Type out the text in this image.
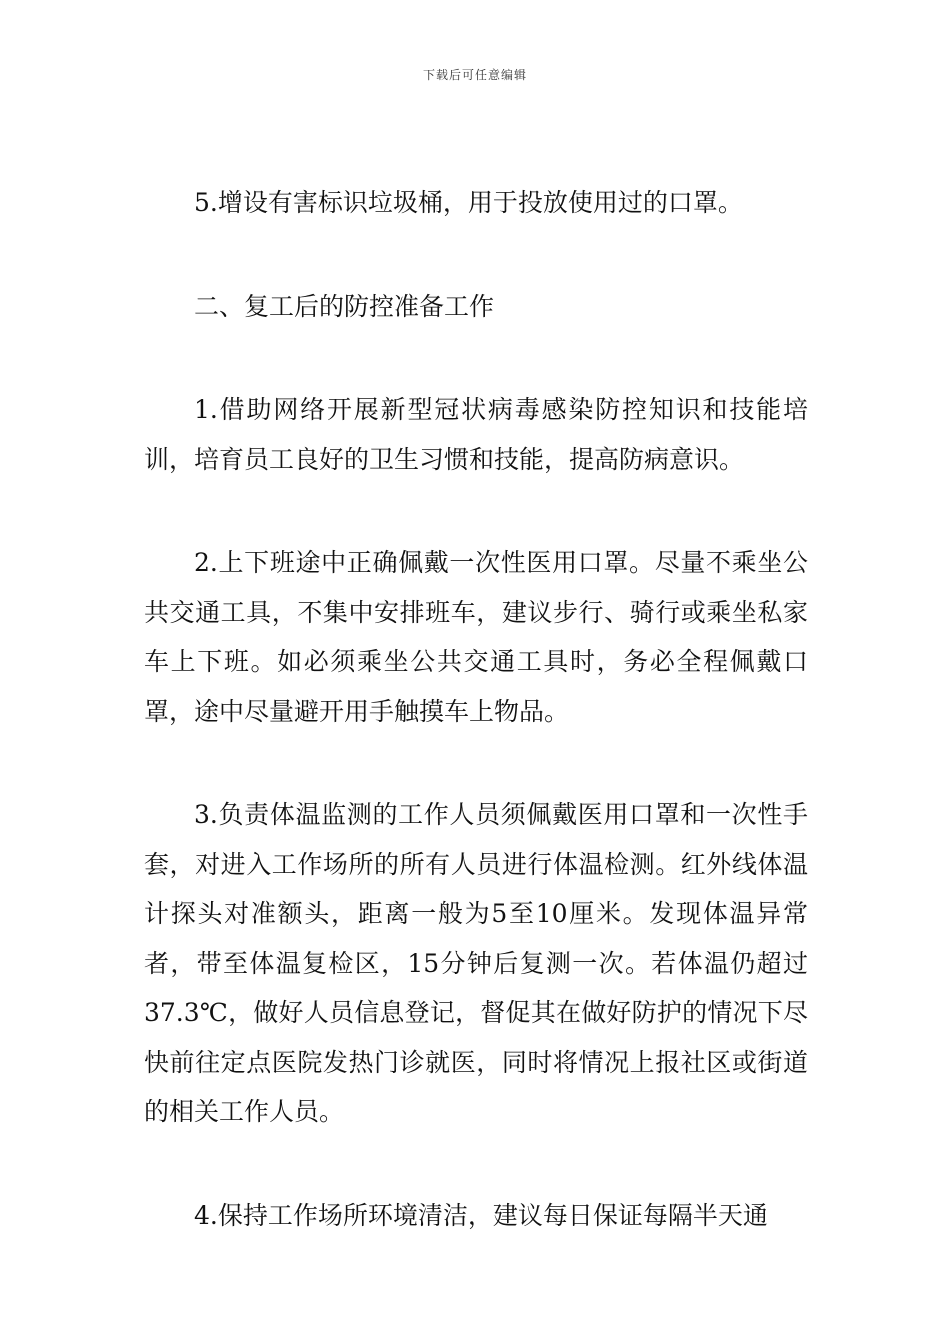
下载后可任意编辑

5.增设有害标识垃圾桶，用于投放使用过的口罩。

二、复工后的防控准备工作

1.借助网络开展新型冠状病毒感染防控知识和技能培训，培育员工良好的卫生习惯和技能，提高防病意识。

2.上下班途中正确佩戴一次性医用口罩。尽量不乘坐公共交通工具，不集中安排班车，建议步行、骑行或乘坐私家车上下班。如必须乘坐公共交通工具时，务必全程佩戴口罩，途中尽量避开用手触摸车上物品。

3.负责体温监测的工作人员须佩戴医用口罩和一次性手套，对进入工作场所的所有人员进行体温检测。红外线体温计探头对准额头，距离一般为5至10厘米。发现体温异常者，带至体温复检区，15分钟后复测一次。若体温仍超过37.3℃，做好人员信息登记，督促其在做好防护的情况下尽快前往定点医院发热门诊就医，同时将情况上报社区或街道的相关工作人员。

4.保持工作场所环境清洁，建议每日保证每隔半天通
